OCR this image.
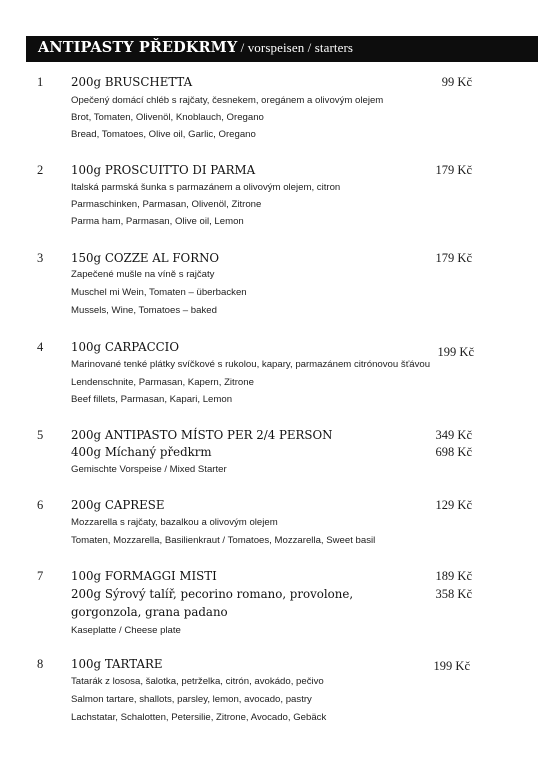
ANTIPASTY PŘEDKRMY / vorspeisen / starters
1 200g BRUSCHETTA	99 Kč
Opečený domácí chléb s rajčaty, česnekem, oregánem a olivovým olejem
Brot, Tomaten, Olivenöl, Knoblauch, Oregano
Bread, Tomatoes, Olive oil, Garlic, Oregano
2 100g PROSCUITTO DI PARMA	179 Kč
Italská parmská šunka s parmazánem a olivovým olejem, citron
Parmaschinken, Parmasan, Olivenöl, Zitrone
Parma ham, Parmasan, Olive oil, Lemon
3 150g COZZE AL FORNO	179 Kč
Zapečené mušle na víně s rajčaty
Muschel mi Wein, Tomaten – überbacken
Mussels, Wine, Tomatoes – baked
4 100g CARPACCIO	199 Kč
Marinované tenké plátky svíčkové s rukolou, kapary, parmazánem citrónovou šťávou
Lendenschnite, Parmasan, Kapern, Zitrone
Beef fillets, Parmasan, Kapari, Lemon
5 200g ANTIPASTO MÍSTO PER 2/4 PERSON	349 Kč
400g Míchaný předkrm	698 Kč
Gemischte Vorspeise / Mixed Starter
6 200g CAPRESE	129 Kč
Mozzarella s rajčaty, bazalkou a olivovým olejem
Tomaten, Mozzarella, Basilienkraut / Tomatoes, Mozzarella, Sweet basil
7 100g FORMAGGI MISTI	189 Kč
200g Sýrový talíř, pecorino romano, provolone,	358 Kč
gorgonzola, grana padano
Kaseplatte / Cheese plate
8 100g TARTARE	199 Kč
Tatarák z lososa, šalotka, petrželka, citrón, avokádo, pečivo
Salmon tartare, shallots, parsley, lemon, avocado, pastry
Lachstatar, Schalotten, Petersilie, Zitrone, Avocado, Gebäck
